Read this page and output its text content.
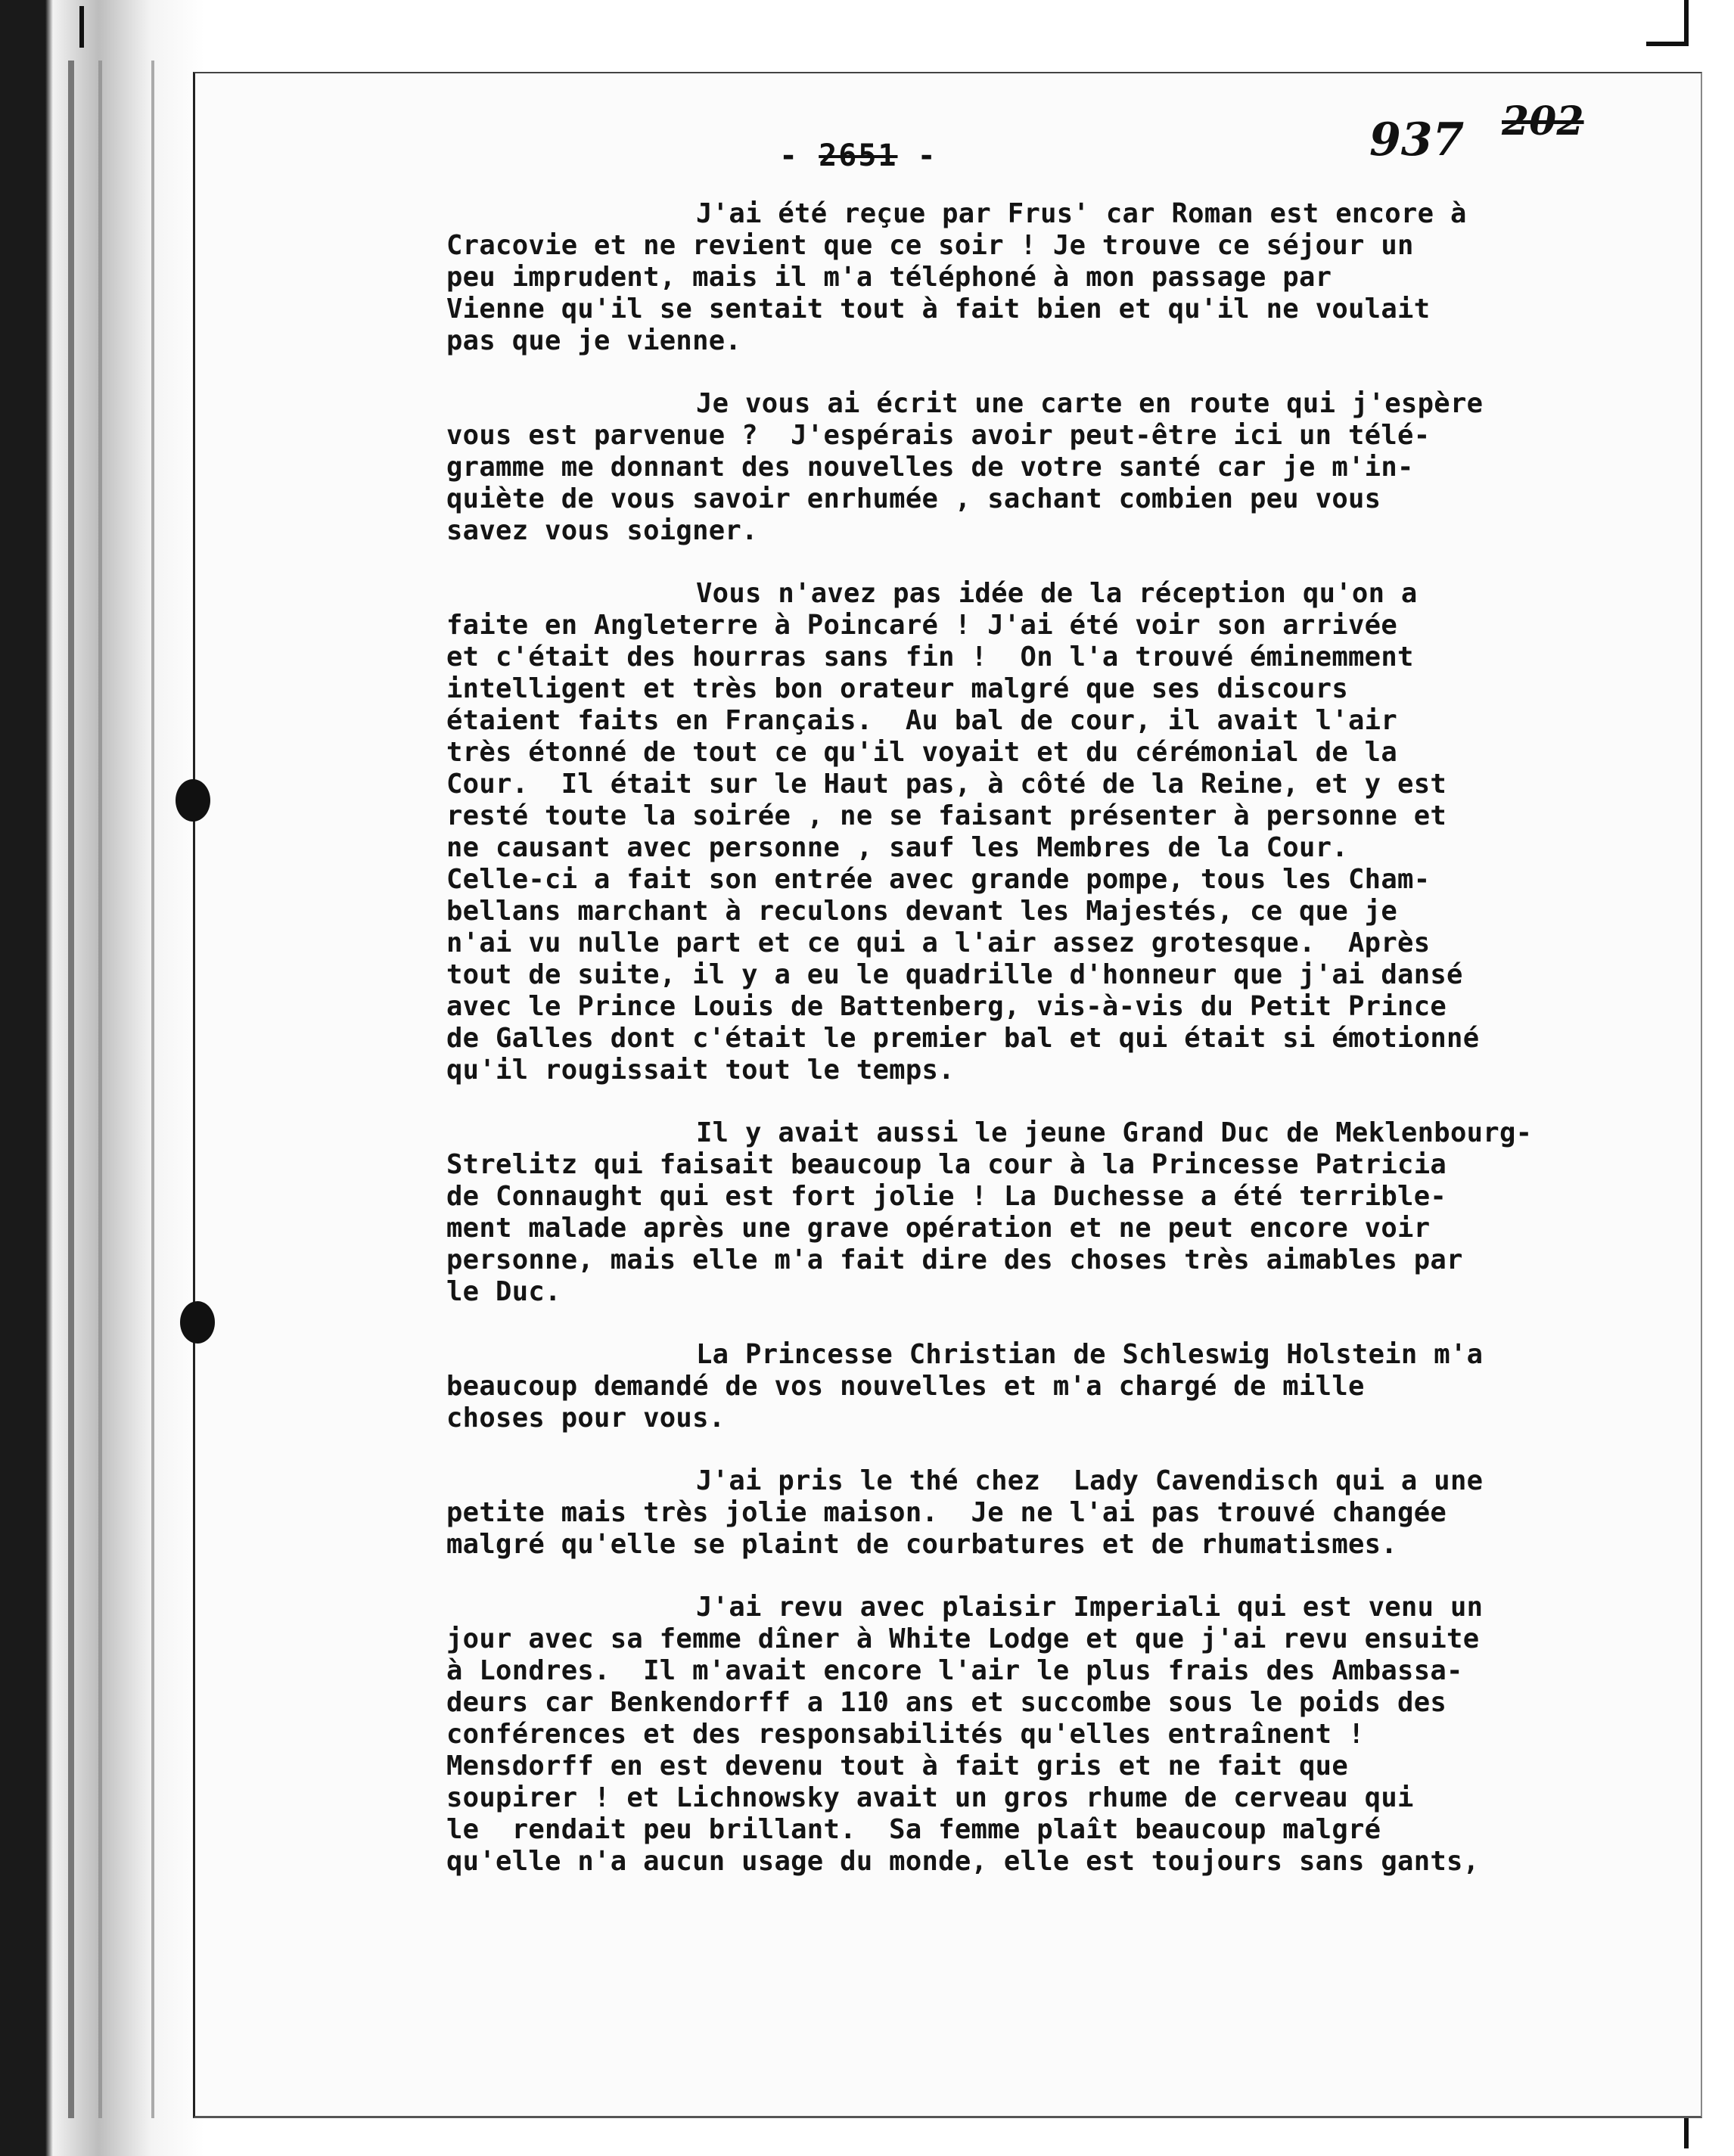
- 2651 -	937 202
J'ai été reçue par Frus' car Roman est encore à
Cracovie et ne revient que ce soir ! Je trouve ce séjour un
peu imprudent, mais il m'a téléphoné à mon passage par
Vienne qu'il se sentait tout à fait bien et qu'il ne voulait
pas que je vienne.
Je vous ai écrit une carte en route qui j'espère
vous est parvenue ?  J'espérais avoir peut-être ici un télé-
gramme me donnant des nouvelles de votre santé car je m'in-
quiète de vous savoir enrhumée , sachant combien peu vous
savez vous soigner.
Vous n'avez pas idée de la réception qu'on a
faite en Angleterre à Poincaré ! J'ai été voir son arrivée
et c'était des hourras sans fin !  On l'a trouvé éminemment
intelligent et très bon orateur malgré que ses discours
étaient faits en Français.  Au bal de cour, il avait l'air
très étonné de tout ce qu'il voyait et du cérémonial de la
Cour.  Il était sur le Haut pas, à côté de la Reine, et y est
resté toute la soirée , ne se faisant présenter à personne et
ne causant avec personne , sauf les Membres de la Cour.
Celle-ci a fait son entrée avec grande pompe, tous les Cham-
bellans marchant à reculons devant les Majestés, ce que je
n'ai vu nulle part et ce qui a l'air assez grotesque.  Après
tout de suite, il y a eu le quadrille d'honneur que j'ai dansé
avec le Prince Louis de Battenberg, vis-à-vis du Petit Prince
de Galles dont c'était le premier bal et qui était si émotionné
qu'il rougissait tout le temps.
Il y avait aussi le jeune Grand Duc de Meklenbourg-
Strelitz qui faisait beaucoup la cour à la Princesse Patricia
de Connaught qui est fort jolie ! La Duchesse a été terrible-
ment malade après une grave opération et ne peut encore voir
personne, mais elle m'a fait dire des choses très aimables par
le Duc.
La Princesse Christian de Schleswig Holstein m'a
beaucoup demandé de vos nouvelles et m'a chargé de mille
choses pour vous.
J'ai pris le thé chez  Lady Cavendisch qui a une
petite mais très jolie maison.  Je ne l'ai pas trouvé changée
malgré qu'elle se plaint de courbatures et de rhumatismes.
J'ai revu avec plaisir Imperiali qui est venu un
jour avec sa femme dîner à White Lodge et que j'ai revu ensuite
à Londres.  Il m'avait encore l'air le plus frais des Ambassa-
deurs car Benkendorff a 110 ans et succombe sous le poids des
conférences et des responsabilités qu'elles entraînent !
Mensdorff en est devenu tout à fait gris et ne fait que
soupirer ! et Lichnowsky avait un gros rhume de cerveau qui
le  rendait peu brillant.  Sa femme plaît beaucoup malgré
qu'elle n'a aucun usage du monde, elle est toujours sans gants,
